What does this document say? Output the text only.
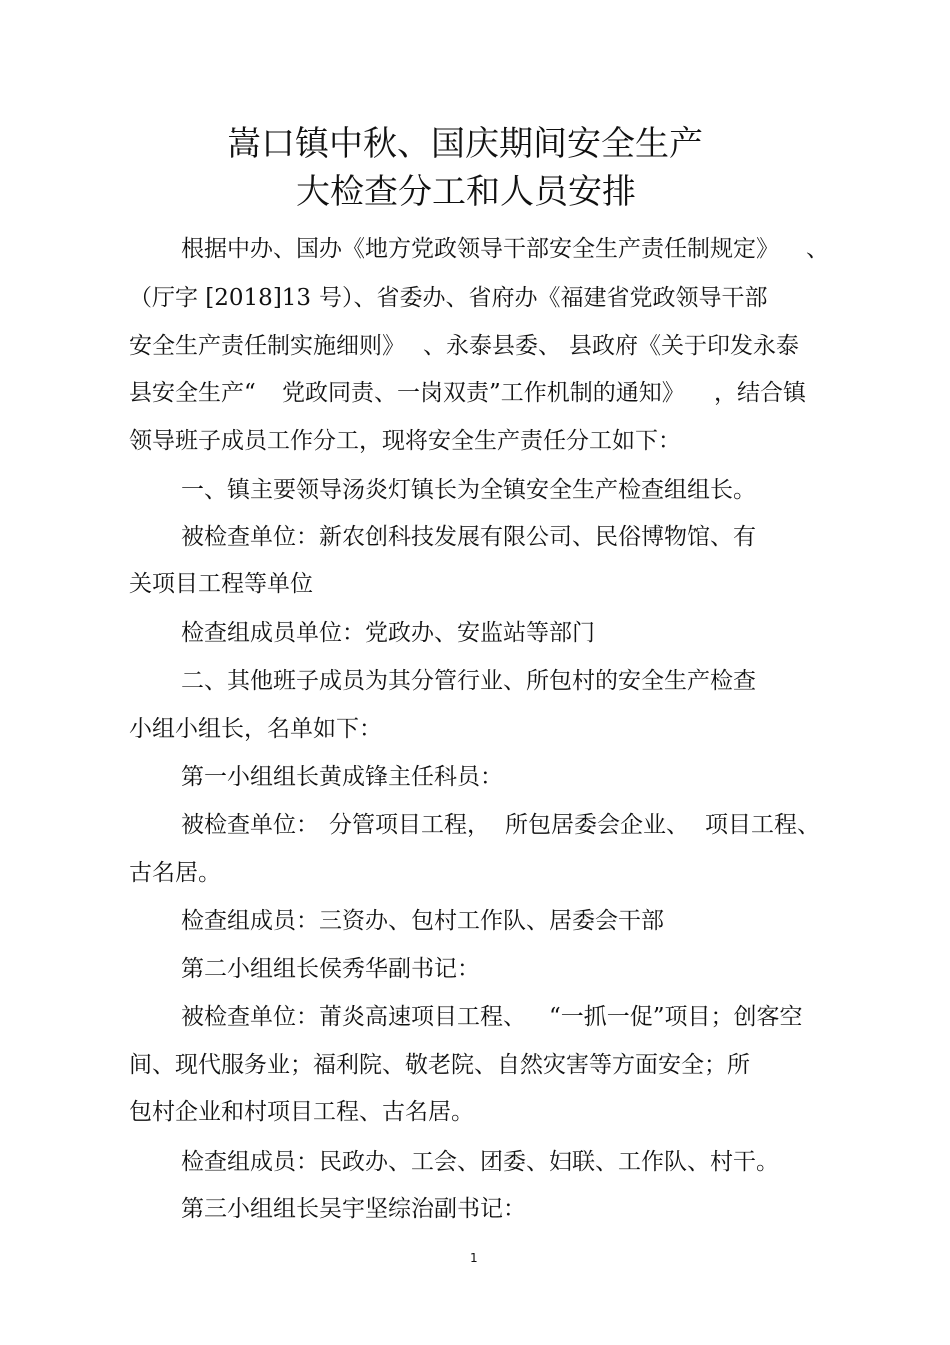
嵩口镇中秋、国庆期间安全生产
大检查分工和人员安排
根据中办、国办《地方党政领导干部安全生产责任制规定》 、
（厅字 [2018]13 号）、省委办、省府办《福建省党政领导干部
安全生产责任制实施细则》 、永泰县委、 县政府《关于印发永泰
县安全生产“ 党政同责、一岗双责”工作机制的通知》 ，结合镇
领导班子成员工作分工，现将安全生产责任分工如下：
一、镇主要领导汤炎灯镇长为全镇安全生产检查组组长。
被检查单位：新农创科技发展有限公司、民俗博物馆、有
关项目工程等单位
检查组成员单位：党政办、安监站等部门
二、其他班子成员为其分管行业、所包村的安全生产检查
小组小组长，名单如下：
第一小组组长黄成锋主任科员：
被检查单位： 分管项目工程， 所包居委会企业、 项目工程、
古名居。
检查组成员：三资办、包村工作队、居委会干部
第二小组组长侯秀华副书记：
被检查单位：莆炎高速项目工程、 “一抓一促”项目；创客空
间、现代服务业；福利院、敬老院、自然灾害等方面安全；所
包村企业和村项目工程、古名居。
检查组成员：民政办、工会、团委、妇联、工作队、村干。
第三小组组长吴宇坚综治副书记：
1
